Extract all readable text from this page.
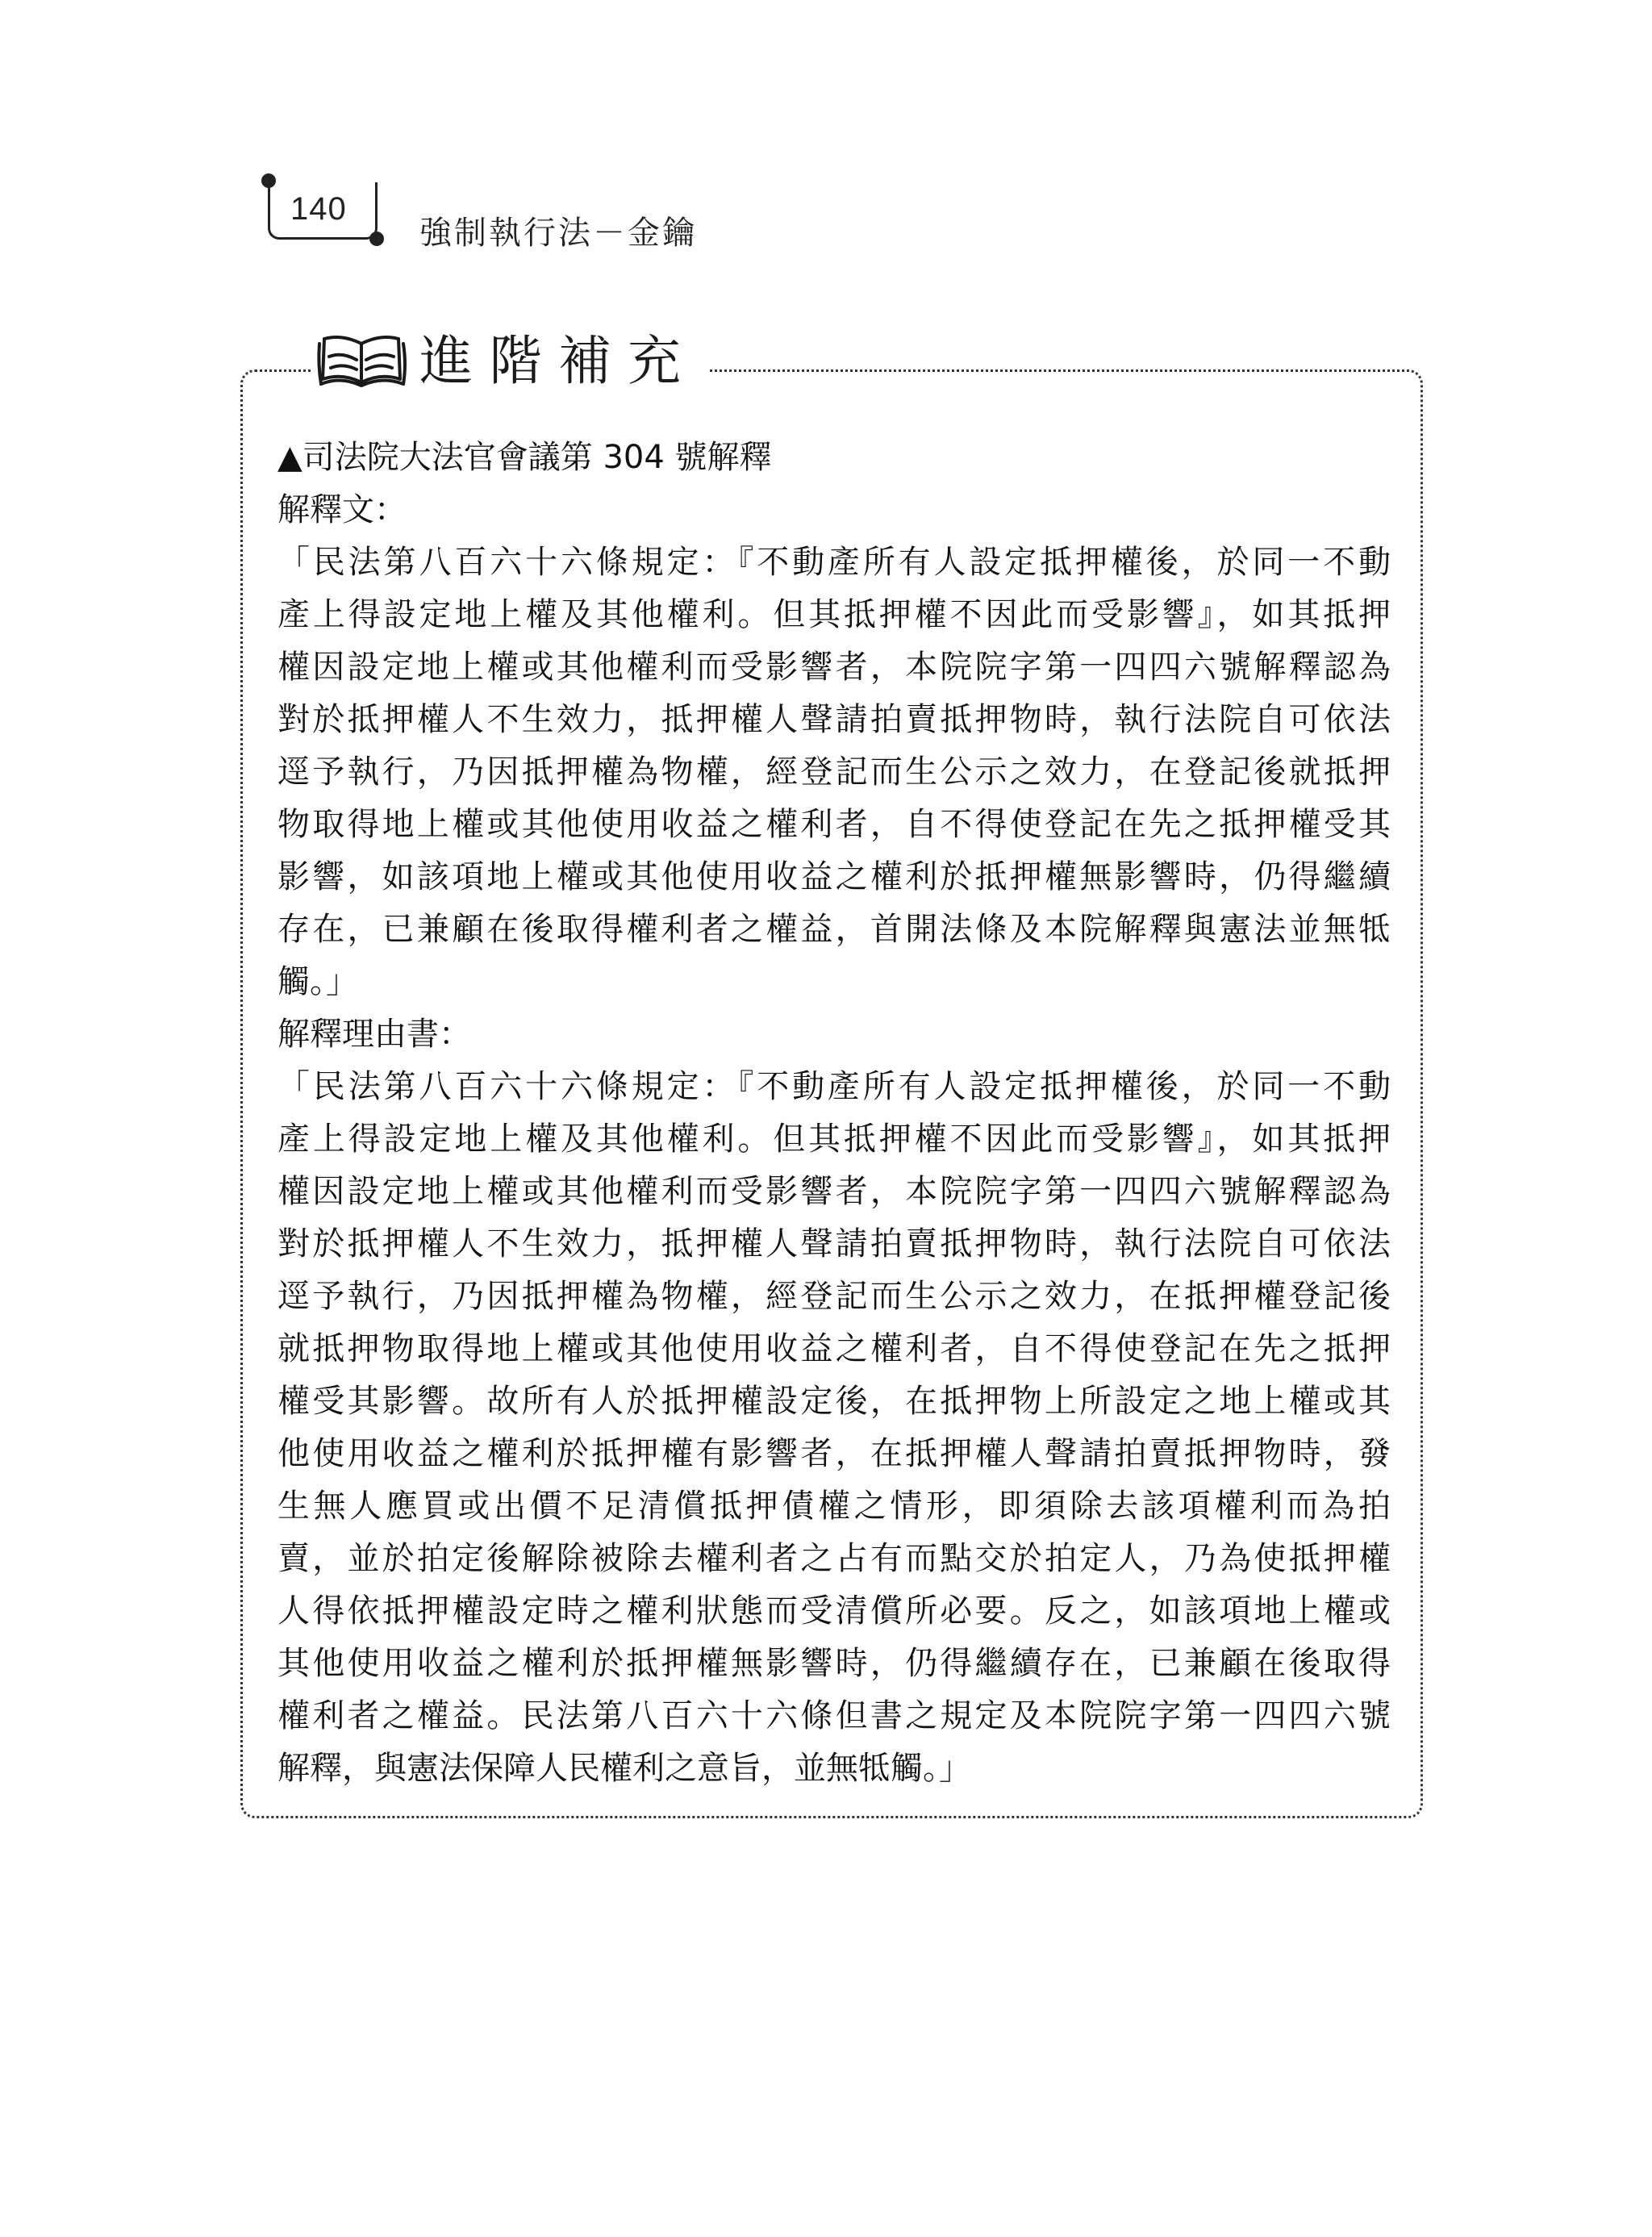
140
強制執行法－金鑰
進階補充
▲司法院大法官會議第 304 號解釋
解釋文：
「民法第八百六十六條規定：『不動產所有人設定抵押權後，於同一不動
產上得設定地上權及其他權利。但其抵押權不因此而受影響』，如其抵押
權因設定地上權或其他權利而受影響者，本院院字第一四四六號解釋認為
對於抵押權人不生效力，抵押權人聲請拍賣抵押物時，執行法院自可依法
逕予執行，乃因抵押權為物權，經登記而生公示之效力，在登記後就抵押
物取得地上權或其他使用收益之權利者，自不得使登記在先之抵押權受其
影響，如該項地上權或其他使用收益之權利於抵押權無影響時，仍得繼續
存在，已兼顧在後取得權利者之權益，首開法條及本院解釋與憲法並無牴
觸。」
解釋理由書：
「民法第八百六十六條規定：『不動產所有人設定抵押權後，於同一不動
產上得設定地上權及其他權利。但其抵押權不因此而受影響』，如其抵押
權因設定地上權或其他權利而受影響者，本院院字第一四四六號解釋認為
對於抵押權人不生效力，抵押權人聲請拍賣抵押物時，執行法院自可依法
逕予執行，乃因抵押權為物權，經登記而生公示之效力，在抵押權登記後
就抵押物取得地上權或其他使用收益之權利者，自不得使登記在先之抵押
權受其影響。故所有人於抵押權設定後，在抵押物上所設定之地上權或其
他使用收益之權利於抵押權有影響者，在抵押權人聲請拍賣抵押物時，發
生無人應買或出價不足清償抵押債權之情形，即須除去該項權利而為拍
賣，並於拍定後解除被除去權利者之占有而點交於拍定人，乃為使抵押權
人得依抵押權設定時之權利狀態而受清償所必要。反之，如該項地上權或
其他使用收益之權利於抵押權無影響時，仍得繼續存在，已兼顧在後取得
權利者之權益。民法第八百六十六條但書之規定及本院院字第一四四六號
解釋，與憲法保障人民權利之意旨，並無牴觸。」
